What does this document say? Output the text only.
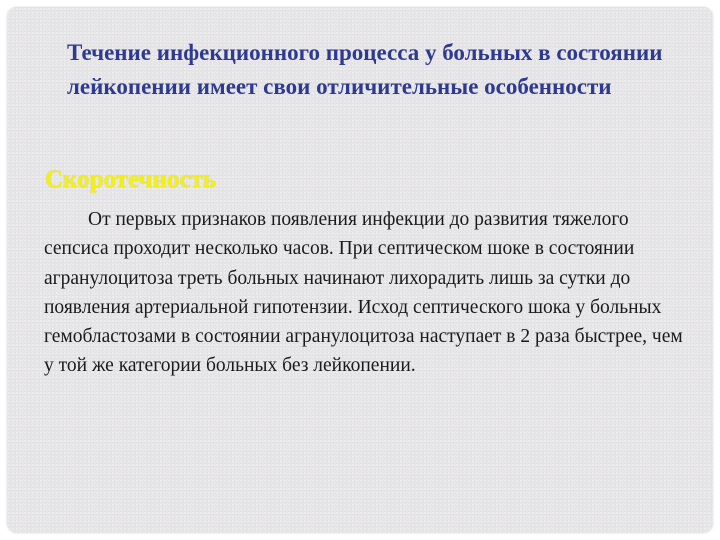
Течение инфекционного процесса у больных в состоянии лейкопении имеет свои отличительные особенности
Скоротечность

От первых признаков появления инфекции до развития тяжелого сепсиса проходит несколько часов. При септическом шоке в состоянии агранулоцитоза треть больных начинают лихорадить лишь за сутки до появления артериальной гипотензии. Исход септического шока у больных гемобластозами в состоянии агранулоцитоза наступает в 2 раза быстрее, чем у той же категории больных без лейкопении.
